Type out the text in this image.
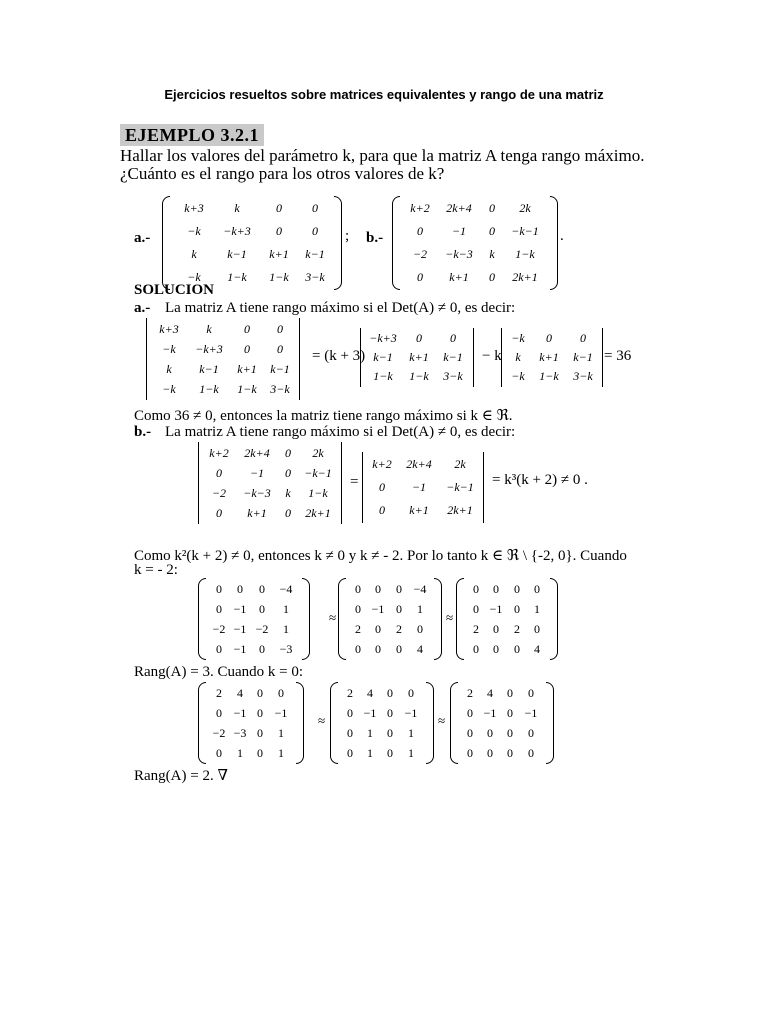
Ejercicios resueltos sobre matrices equivalentes y rango de una matriz
EJEMPLO 3.2.1
Hallar los valores del parámetro k, para que la matriz A tenga rango máximo.
¿Cuánto es el rango para los otros valores de k?
a.-
k+3	k	0	0
−k	−k+3	0	0
k	k−1	k+1	k−1
−k	1−k	1−k	3−k
; b.-
k+2	2k+4	0	2k
0	−1	0	−k−1
−2	−k−3	k	1−k
0	k+1	0	2k+1
.
SOLUCION
a.- La matriz A tiene rango máximo si el Det(A) ≠ 0, es decir:
k+3	k	0	0
−k	−k+3	0	0
k	k−1	k+1	k−1
−k	1−k	1−k	3−k
= (k + 3)
−k+3	0	0
k−1	k+1	k−1
1−k	1−k	3−k
− k
−k	0	0
k	k+1	k−1
−k	1−k	3−k
= 36
Como 36 ≠ 0, entonces la matriz tiene rango máximo si k ∈ ℜ.
b.- La matriz A tiene rango máximo si el Det(A) ≠ 0, es decir:
k+2	2k+4	0	2k
0	−1	0	−k−1
−2	−k−3	k	1−k
0	k+1	0	2k+1
=
k+2	2k+4	2k
0	−1	−k−1
0	k+1	2k+1
= k³(k + 2) ≠ 0 .
Como k²(k + 2) ≠ 0, entonces k ≠ 0 y k ≠ - 2. Por lo tanto k ∈ ℜ \ {-2, 0}. Cuando
k = - 2:
0	0	0	−4
0 −1	0	1
−2 −1 −2	1
0 −1	0	−3
≈
0	0	0 −4
0 −1 0	1
2	0	2	0
0	0	0	4
≈
0	0	0	0
0 −1 0	1
2	0	2	0
0	0	0	4
Rang(A) = 3. Cuando k = 0:
2	4	0	0
0 −1 0 −1
−2 −3 0	1
0	1	0	1
≈
2	4	0	0
0 −1 0 −1
0	1	0	1
0	1	0	1
≈
2	4	0	0
0 −1 0 −1
0	0	0	0
0	0	0	0
Rang(A) = 2. ∇
